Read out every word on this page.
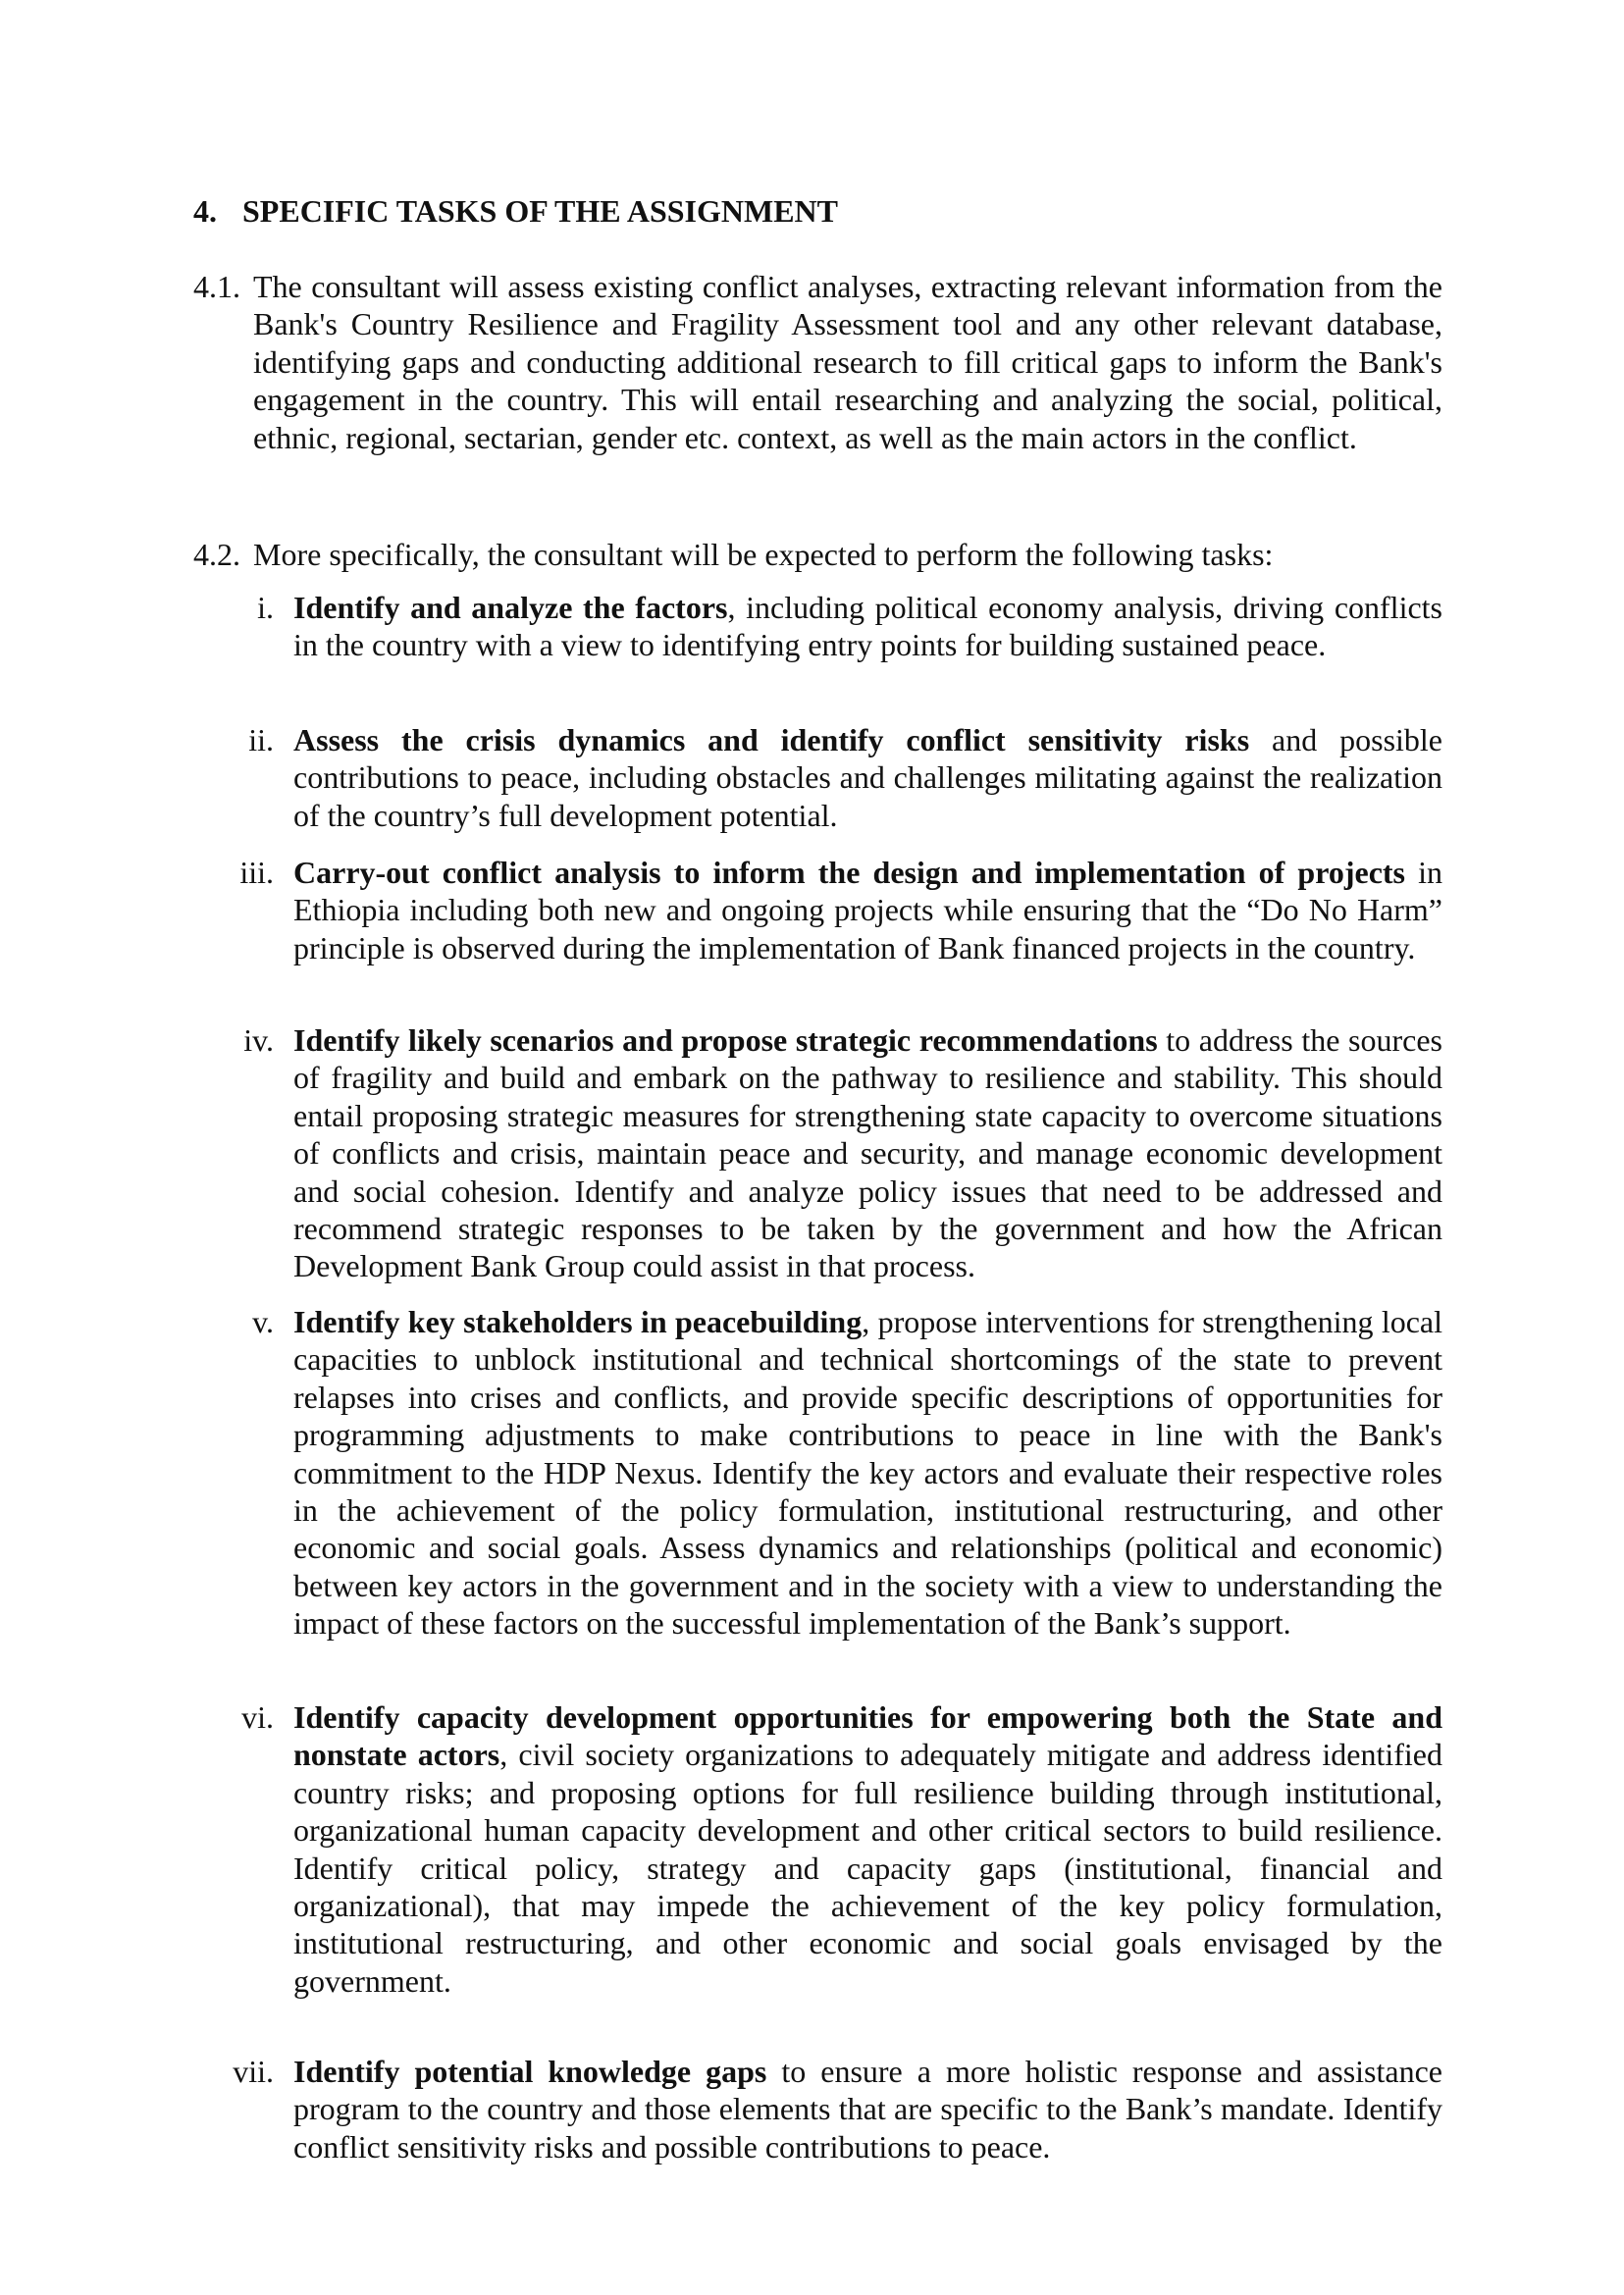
4. SPECIFIC TASKS OF THE ASSIGNMENT
4.1. The consultant will assess existing conflict analyses, extracting relevant information from the Bank's Country Resilience and Fragility Assessment tool and any other relevant database, identifying gaps and conducting additional research to fill critical gaps to inform the Bank's engagement in the country. This will entail researching and analyzing the social, political, ethnic, regional, sectarian, gender etc. context, as well as the main actors in the conflict.
4.2. More specifically, the consultant will be expected to perform the following tasks:
i. Identify and analyze the factors, including political economy analysis, driving conflicts in the country with a view to identifying entry points for building sustained peace.
ii. Assess the crisis dynamics and identify conflict sensitivity risks and possible contributions to peace, including obstacles and challenges militating against the realization of the country’s full development potential.
iii. Carry-out conflict analysis to inform the design and implementation of projects in Ethiopia including both new and ongoing projects while ensuring that the “Do No Harm” principle is observed during the implementation of Bank financed projects in the country.
iv. Identify likely scenarios and propose strategic recommendations to address the sources of fragility and build and embark on the pathway to resilience and stability. This should entail proposing strategic measures for strengthening state capacity to overcome situations of conflicts and crisis, maintain peace and security, and manage economic development and social cohesion. Identify and analyze policy issues that need to be addressed and recommend strategic responses to be taken by the government and how the African Development Bank Group could assist in that process.
v. Identify key stakeholders in peacebuilding, propose interventions for strengthening local capacities to unblock institutional and technical shortcomings of the state to prevent relapses into crises and conflicts, and provide specific descriptions of opportunities for programming adjustments to make contributions to peace in line with the Bank's commitment to the HDP Nexus. Identify the key actors and evaluate their respective roles in the achievement of the policy formulation, institutional restructuring, and other economic and social goals. Assess dynamics and relationships (political and economic) between key actors in the government and in the society with a view to understanding the impact of these factors on the successful implementation of the Bank’s support.
vi. Identify capacity development opportunities for empowering both the State and nonstate actors, civil society organizations to adequately mitigate and address identified country risks; and proposing options for full resilience building through institutional, organizational human capacity development and other critical sectors to build resilience. Identify critical policy, strategy and capacity gaps (institutional, financial and organizational), that may impede the achievement of the key policy formulation, institutional restructuring, and other economic and social goals envisaged by the government.
vii. Identify potential knowledge gaps to ensure a more holistic response and assistance program to the country and those elements that are specific to the Bank’s mandate. Identify conflict sensitivity risks and possible contributions to peace.
